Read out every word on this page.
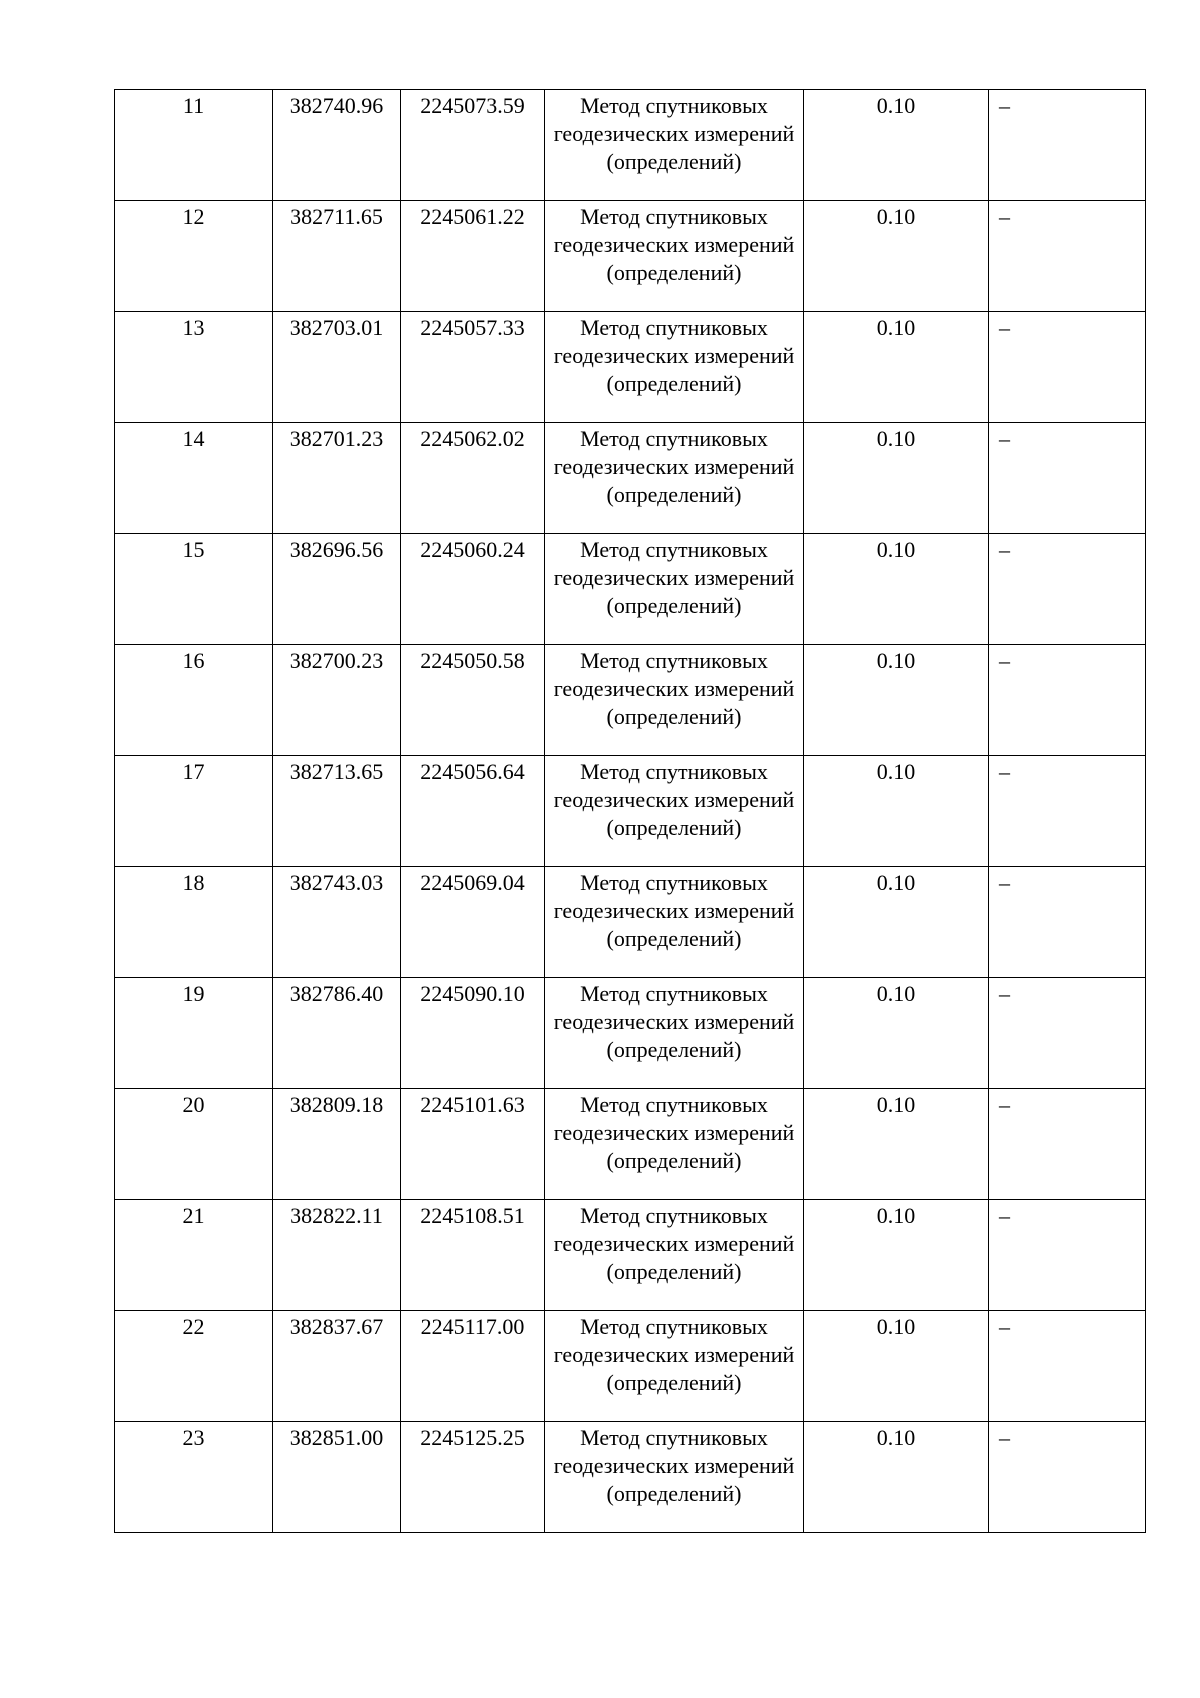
11	382740.96	2245073.59	Метод спутниковых геодезических измерений (определений)	0.10	–
12	382711.65	2245061.22	Метод спутниковых геодезических измерений (определений)	0.10	–
13	382703.01	2245057.33	Метод спутниковых геодезических измерений (определений)	0.10	–
14	382701.23	2245062.02	Метод спутниковых геодезических измерений (определений)	0.10	–
15	382696.56	2245060.24	Метод спутниковых геодезических измерений (определений)	0.10	–
16	382700.23	2245050.58	Метод спутниковых геодезических измерений (определений)	0.10	–
17	382713.65	2245056.64	Метод спутниковых геодезических измерений (определений)	0.10	–
18	382743.03	2245069.04	Метод спутниковых геодезических измерений (определений)	0.10	–
19	382786.40	2245090.10	Метод спутниковых геодезических измерений (определений)	0.10	–
20	382809.18	2245101.63	Метод спутниковых геодезических измерений (определений)	0.10	–
21	382822.11	2245108.51	Метод спутниковых геодезических измерений (определений)	0.10	–
22	382837.67	2245117.00	Метод спутниковых геодезических измерений (определений)	0.10	–
23	382851.00	2245125.25	Метод спутниковых геодезических измерений (определений)	0.10	–
